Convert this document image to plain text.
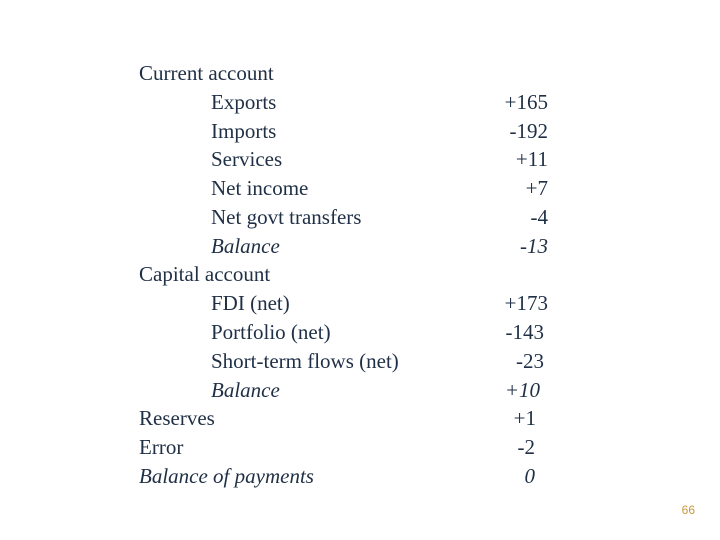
Current account
Exports	+165
Imports	-192
Services	+11
Net income	+7
Net govt transfers	-4
Balance	-13
Capital account
FDI (net)	+173
Portfolio (net)	-143
Short-term flows (net)	-23
Balance	+10
Reserves	+1
Error	-2
Balance of payments	0
66
